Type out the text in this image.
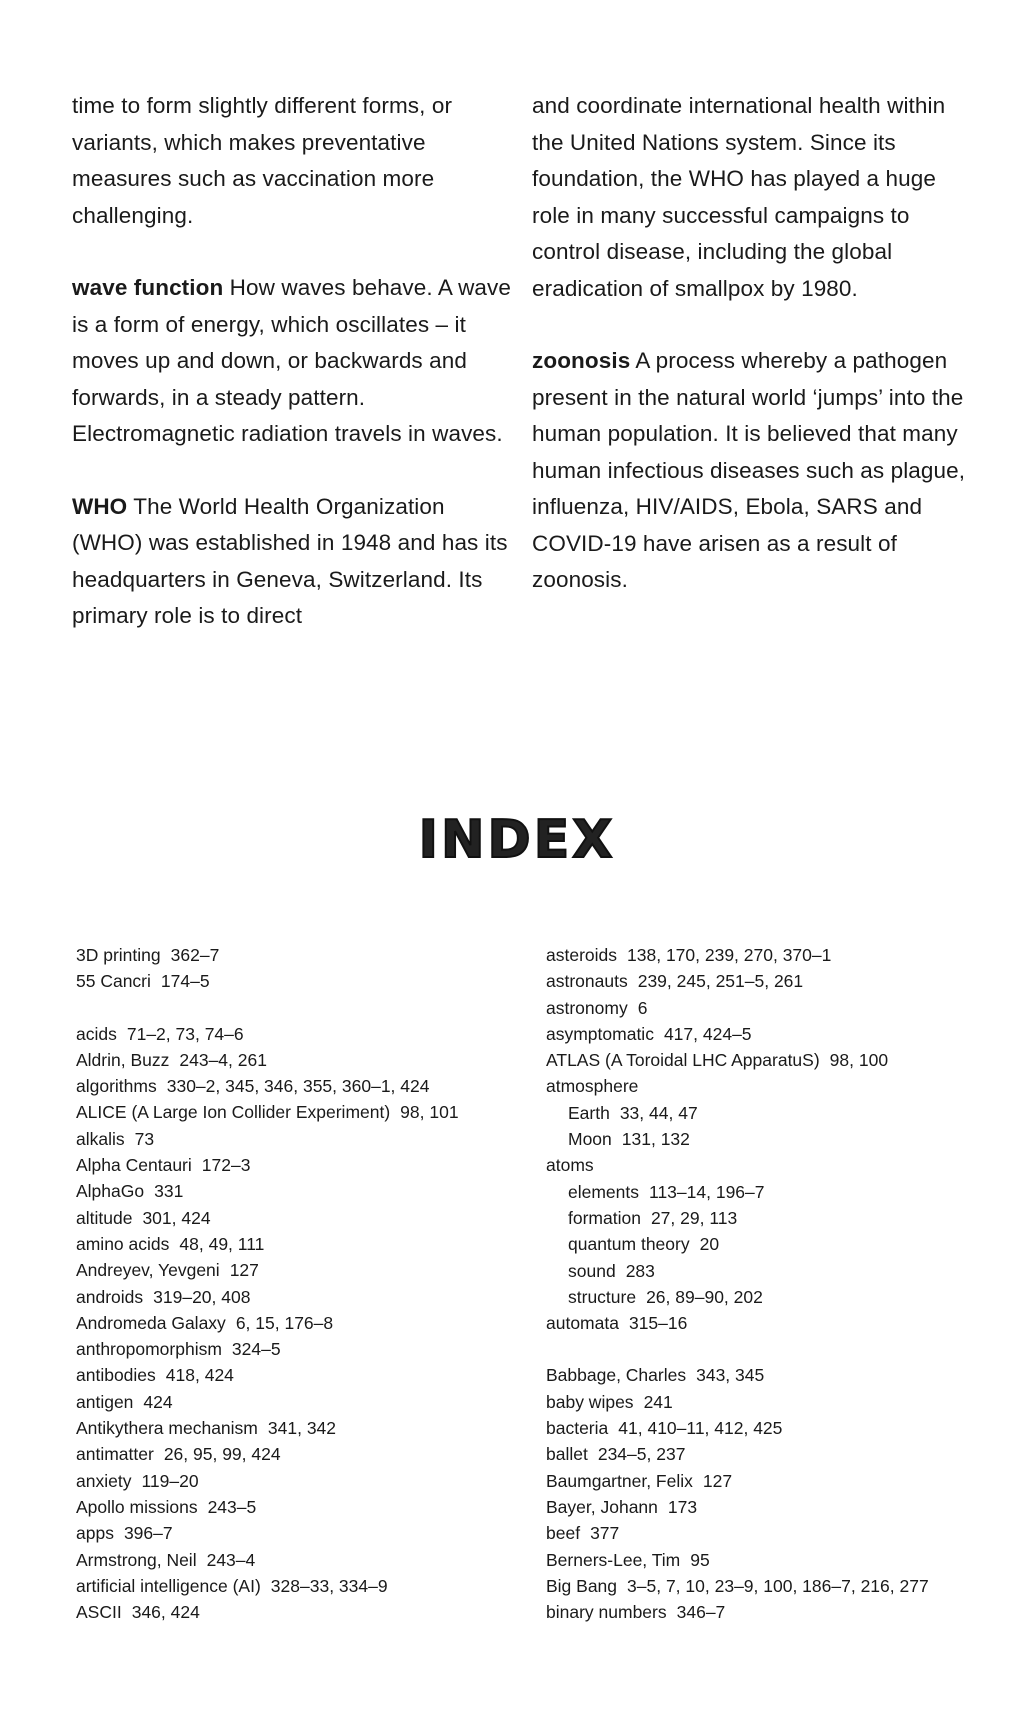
time to form slightly different forms, or variants, which makes preventative measures such as vaccination more challenging.

wave function How waves behave. A wave is a form of energy, which oscillates – it moves up and down, or backwards and forwards, in a steady pattern. Electromagnetic radiation travels in waves.

WHO The World Health Organization (WHO) was established in 1948 and has its headquarters in Geneva, Switzerland. Its primary role is to direct

and coordinate international health within the United Nations system. Since its foundation, the WHO has played a huge role in many successful campaigns to control disease, including the global eradication of smallpox by 1980.

zoonosis A process whereby a pathogen present in the natural world ‘jumps’ into the human population. It is believed that many human infectious diseases such as plague, influenza, HIV/AIDS, Ebola, SARS and COVID-19 have arisen as a result of zoonosis.

INDEX
3D printing 362–7
55 Cancri 174–5
acids 71–2, 73, 74–6
Aldrin, Buzz 243–4, 261
algorithms 330–2, 345, 346, 355, 360–1, 424
ALICE (A Large Ion Collider Experiment) 98, 101
alkalis 73
Alpha Centauri 172–3
AlphaGo 331
altitude 301, 424
amino acids 48, 49, 111
Andreyev, Yevgeni 127
androids 319–20, 408
Andromeda Galaxy 6, 15, 176–8
anthropomorphism 324–5
antibodies 418, 424
antigen 424
Antikythera mechanism 341, 342
antimatter 26, 95, 99, 424
anxiety 119–20
Apollo missions 243–5
apps 396–7
Armstrong, Neil 243–4
artificial intelligence (AI) 328–33, 334–9
ASCII 346, 424
asteroids 138, 170, 239, 270, 370–1
astronauts 239, 245, 251–5, 261
astronomy 6
asymptomatic 417, 424–5
ATLAS (A Toroidal LHC ApparatuS) 98, 100
atmosphere
Earth 33, 44, 47
Moon 131, 132
atoms
elements 113–14, 196–7
formation 27, 29, 113
quantum theory 20
sound 283
structure 26, 89–90, 202
automata 315–16
Babbage, Charles 343, 345
baby wipes 241
bacteria 41, 410–11, 412, 425
ballet 234–5, 237
Baumgartner, Felix 127
Bayer, Johann 173
beef 377
Berners-Lee, Tim 95
Big Bang 3–5, 7, 10, 23–9, 100, 186–7, 216, 277
binary numbers 346–7
